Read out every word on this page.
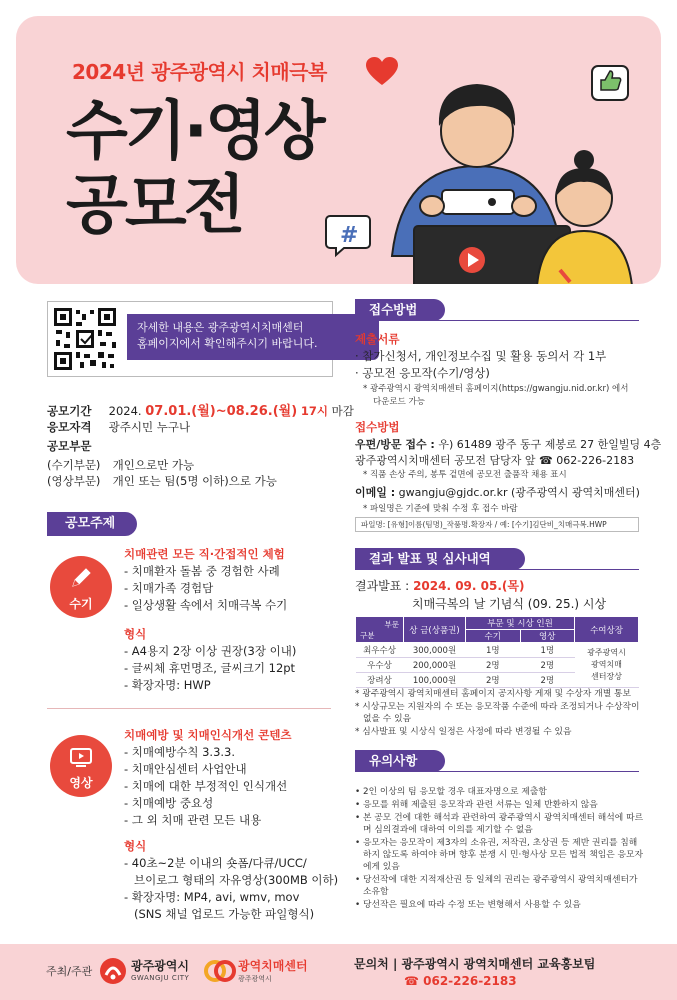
2024년 광주광역시 치매극복
수기·영상
공모전	#
자세한 내용은 광주광역시치매센터
홈페이지에서 확인해주시기 바랍니다.
공모기간 2024. 07.01.(월)~08.26.(월) 17시 마감
응모자격 광주시민 누구나
공모부문
(수기부문) 개인으로만 가능
(영상부문) 개인 또는 팀(5명 이하)으로 가능
공모주제
수기
치매관련 모든 직·간접적인 체험
- 치매환자 돌봄 중 경험한 사례
- 치매가족 경험담
- 일상생활 속에서 치매극복 수기
형식
- A4용지 2장 이상 권장(3장 이내)
- 글씨체 휴먼명조, 글씨크기 12pt
- 확장자명: HWP
영상
치매예방 및 치매인식개선 콘텐츠
- 치매예방수칙 3.3.3.
- 치매안심센터 사업안내
- 치매에 대한 부정적인 인식개선
- 치매예방 중요성
- 그 외 치매 관련 모든 내용
형식
- 40초~2분 이내의 숏폼/다큐/UCC/
브이로그 형태의 자유영상(300MB 이하)
- 확장자명: MP4, avi, wmv, mov
(SNS 채널 업로드 가능한 파일형식)
접수방법
제출서류
· 참가신청서, 개인정보수집 및 활용 동의서 각 1부
· 공모전 응모작(수기/영상)
* 광주광역시 광역치매센터 홈페이지(https://gwangju.nid.or.kr) 에서
다운로드 가능
접수방법
우편/방문 접수 : 우) 61489 광주 동구 제봉로 27 한일빌딩 4층
광주광역시치매센터 공모전 담당자 앞 ☎ 062-226-2183
* 직품 손상 주의, 봉투 겉면에 공모전 출품작 채용 표시
이메일 : gwangju@gjdc.or.kr (광주광역시 광역치매센터)
* 파일명은 기준에 맞춰 수정 후 접수 바람
파일명: [유형]이름(팀명)_작품명.확장자 / 예: [수기]김단비_치매극복.HWP
결과 발표 및 심사내역
결과발표 : 2024. 09. 05.(목)
치매극복의 날 기념식 (09. 25.) 시상
부문
구분	상 금(상품권)	부문 및 시상 인원		수여상장
		수기	영상	
최우수상	300,000원	1명	1명	광주광역시
광역치매
센터장상

우수상	200,000원	2명	2명	
장려상	100,000원	2명	2명	
* 광주광역시 광역치매센터 홈페이지 공지사항 게재 및 수상자 개별 통보
* 시상규모는 지원자의 수 또는 응모작품 수준에 따라 조정되거나 수상작이 없을 수 있음
* 심사발표 및 시상식 일정은 사정에 따라 변경될 수 있음
유의사항
• 2인 이상의 팀 응모할 경우 대표자명으로 제출함
• 응모를 위해 제출된 응모작과 관련 서류는 일체 반환하지 않음
• 본 공모 건에 대한 해석과 관련하여 광주광역시 광역치매센터 해석에 따르며 심의결과에 대하여 이의를 제기할 수 없음
• 응모자는 응모작이 제3자의 소유권, 저작권, 초상권 등 제반 권리를 침해하지 않도록 하여야 하며 향후 분쟁 시 민·형사상 모든 법적 책임은 응모자에게 있음
• 당선작에 대한 지적재산권 등 일체의 권리는 광주광역시 광역치매센터가 소유함
• 당선작은 필요에 따라 수정 또는 변형해서 사용할 수 있음
주최/주관	광주광역시
GWANGJU CITY
광역치매센터
광주광역시
문의처 | 광주광역시 광역치매센터 교육홍보팀
☎ 062-226-2183
